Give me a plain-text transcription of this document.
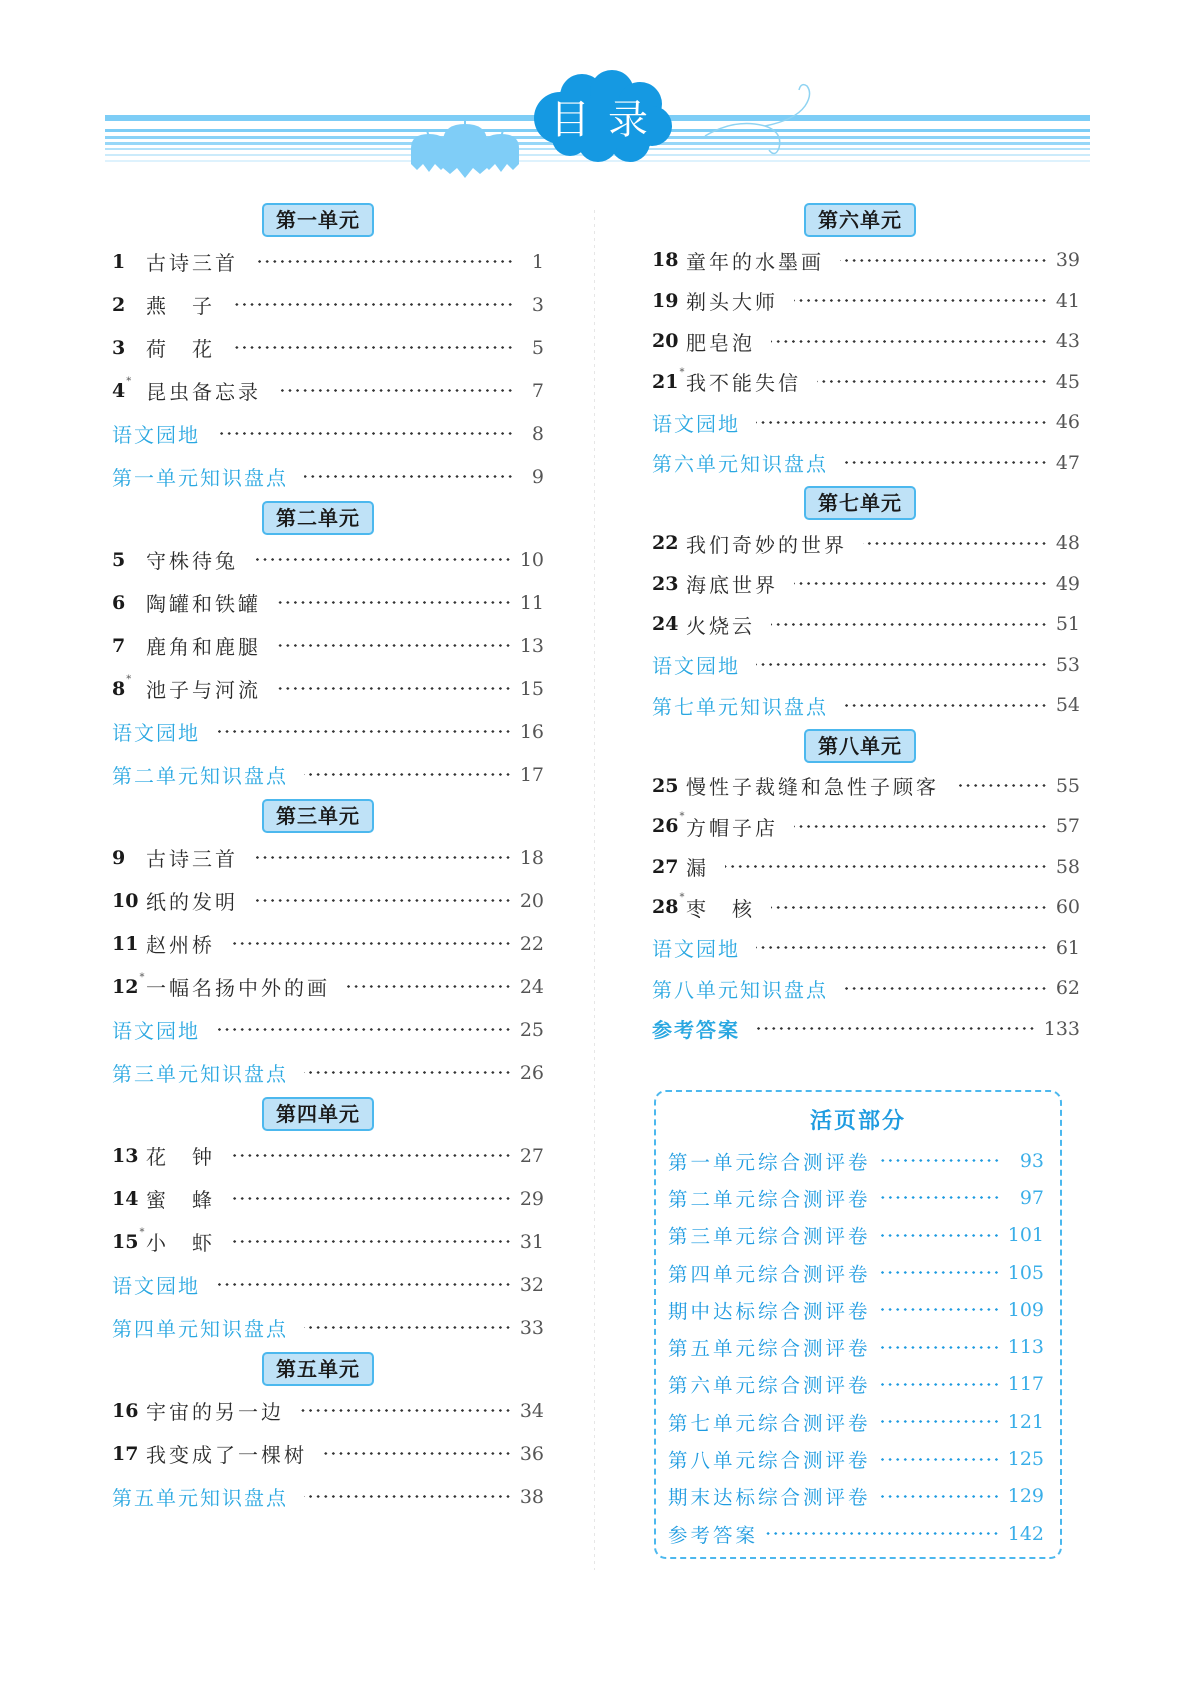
目 录
第一单元
1	古诗三首	1
2	燕　子	3
3	荷　花	5
4 * 昆虫备忘录	7
语文园地	8
第一单元知识盘点	9
第二单元
5	守株待兔	10
6	陶罐和铁罐	11
7	鹿角和鹿腿	13
8 * 池子与河流	15
语文园地	16
第二单元知识盘点	17
第三单元
9	古诗三首	18
10 纸的发明	20
11 赵州桥	22
12 * 一幅名扬中外的画	24
语文园地	25
第三单元知识盘点	26
第四单元
13 花　钟	27
14 蜜　蜂	29
15 * 小　虾	31
语文园地	32
第四单元知识盘点	33
第五单元
16 宇宙的另一边	34
17 我变成了一棵树	36
第五单元知识盘点	38
第六单元
18 童年的水墨画	39
19 剃头大师	41
20 肥皂泡	43
21 * 我不能失信	45
语文园地	46
第六单元知识盘点	47
第七单元
22 我们奇妙的世界	48
23 海底世界	49
24 火烧云	51
语文园地	53
第七单元知识盘点	54
第八单元
25 慢性子裁缝和急性子顾客	55
26 * 方帽子店	57
27 漏	58
28 * 枣　核	60
语文园地	61
第八单元知识盘点	62
参考答案	133
活页部分
第一单元综合测评卷	93
第二单元综合测评卷	97
第三单元综合测评卷	101
第四单元综合测评卷	105
期中达标综合测评卷	109
第五单元综合测评卷	113
第六单元综合测评卷	117
第七单元综合测评卷	121
第八单元综合测评卷	125
期末达标综合测评卷	129
参考答案	142
